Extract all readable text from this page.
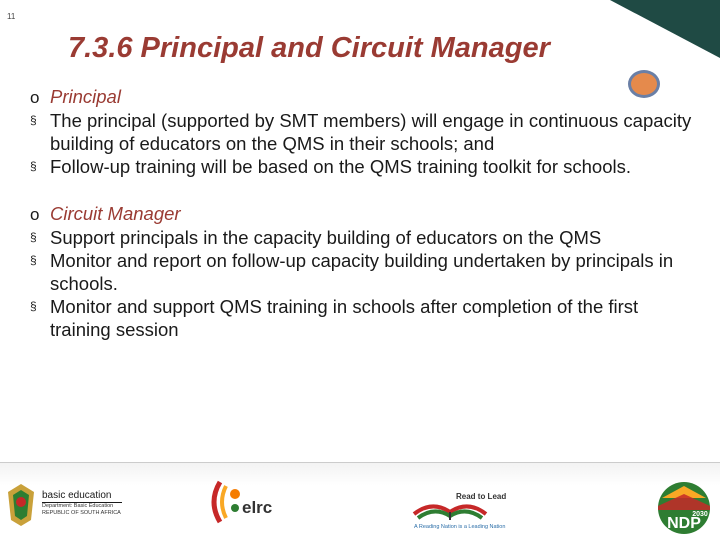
11
7.3.6 Principal and Circuit Manager
o Principal
§ The principal (supported by SMT members) will engage in continuous capacity building of educators on the QMS in their schools; and
§ Follow-up training will be based on the QMS training toolkit for schools.
o Circuit Manager
§ Support principals in the capacity building of educators on the QMS
§ Monitor and report on follow-up capacity building undertaken by principals in schools.
§ Monitor and support QMS training in schools after completion of the first training session
basic education
Department: Basic Education REPUBLIC OF SOUTH AFRICA	elrc
Read to Lead
A Reading Nation is a Leading Nation	NDP
2030
